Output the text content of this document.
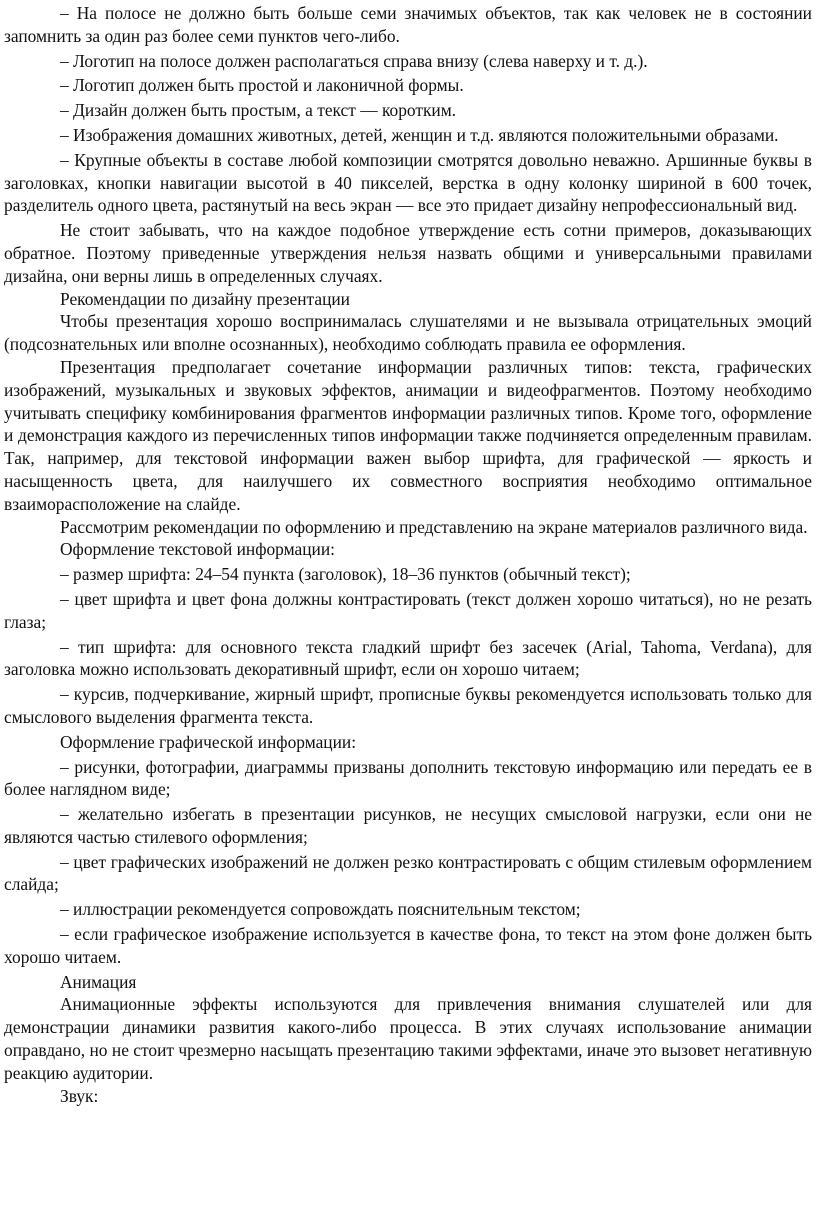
– На полосе не должно быть больше семи значимых объектов, так как человек не в состоянии запомнить за один раз более семи пунктов чего-либо.

– Логотип на полосе должен располагаться справа внизу (слева наверху и т. д.).

– Логотип должен быть простой и лаконичной формы.

– Дизайн должен быть простым, а текст — коротким.

– Изображения домашних животных, детей, женщин и т.д. являются положительными образами.

– Крупные объекты в составе любой композиции смотрятся довольно неважно. Аршинные буквы в заголовках, кнопки навигации высотой в 40 пикселей, верстка в одну колонку шириной в 600 точек, разделитель одного цвета, растянутый на весь экран — все это придает дизайну непрофессиональный вид.

Не стоит забывать, что на каждое подобное утверждение есть сотни примеров, доказывающих обратное. Поэтому приведенные утверждения нельзя назвать общими и универсальными правилами дизайна, они верны лишь в определенных случаях.

Рекомендации по дизайну презентации

Чтобы презентация хорошо воспринималась слушателями и не вызывала отрицательных эмоций (подсознательных или вполне осознанных), необходимо соблюдать правила ее оформления.

Презентация предполагает сочетание информации различных типов: текста, графических изображений, музыкальных и звуковых эффектов, анимации и видеофрагментов. Поэтому необходимо учитывать специфику комбинирования фрагментов информации различных типов. Кроме того, оформление и демонстрация каждого из перечисленных типов информации также подчиняется определенным правилам. Так, например, для текстовой информации важен выбор шрифта, для графической — яркость и насыщенность цвета, для наилучшего их совместного восприятия необходимо оптимальное взаиморасположение на слайде.

Рассмотрим рекомендации по оформлению и представлению на экране материалов различного вида.

Оформление текстовой информации:

– размер шрифта: 24–54 пункта (заголовок), 18–36 пунктов (обычный текст);

– цвет шрифта и цвет фона должны контрастировать (текст должен хорошо читаться), но не резать глаза;

– тип шрифта: для основного текста гладкий шрифт без засечек (Arial, Tahoma, Verdana), для заголовка можно использовать декоративный шрифт, если он хорошо читаем;

– курсив, подчеркивание, жирный шрифт, прописные буквы рекомендуется использовать только для смыслового выделения фрагмента текста.

Оформление графической информации:

– рисунки, фотографии, диаграммы призваны дополнить текстовую информацию или передать ее в более наглядном виде;

– желательно избегать в презентации рисунков, не несущих смысловой нагрузки, если они не являются частью стилевого оформления;

– цвет графических изображений не должен резко контрастировать с общим стилевым оформлением слайда;

– иллюстрации рекомендуется сопровождать пояснительным текстом;

– если графическое изображение используется в качестве фона, то текст на этом фоне должен быть хорошо читаем.

Анимация

Анимационные эффекты используются для привлечения внимания слушателей или для демонстрации динамики развития какого-либо процесса. В этих случаях использование анимации оправдано, но не стоит чрезмерно насыщать презентацию такими эффектами, иначе это вызовет негативную реакцию аудитории.

Звук:
